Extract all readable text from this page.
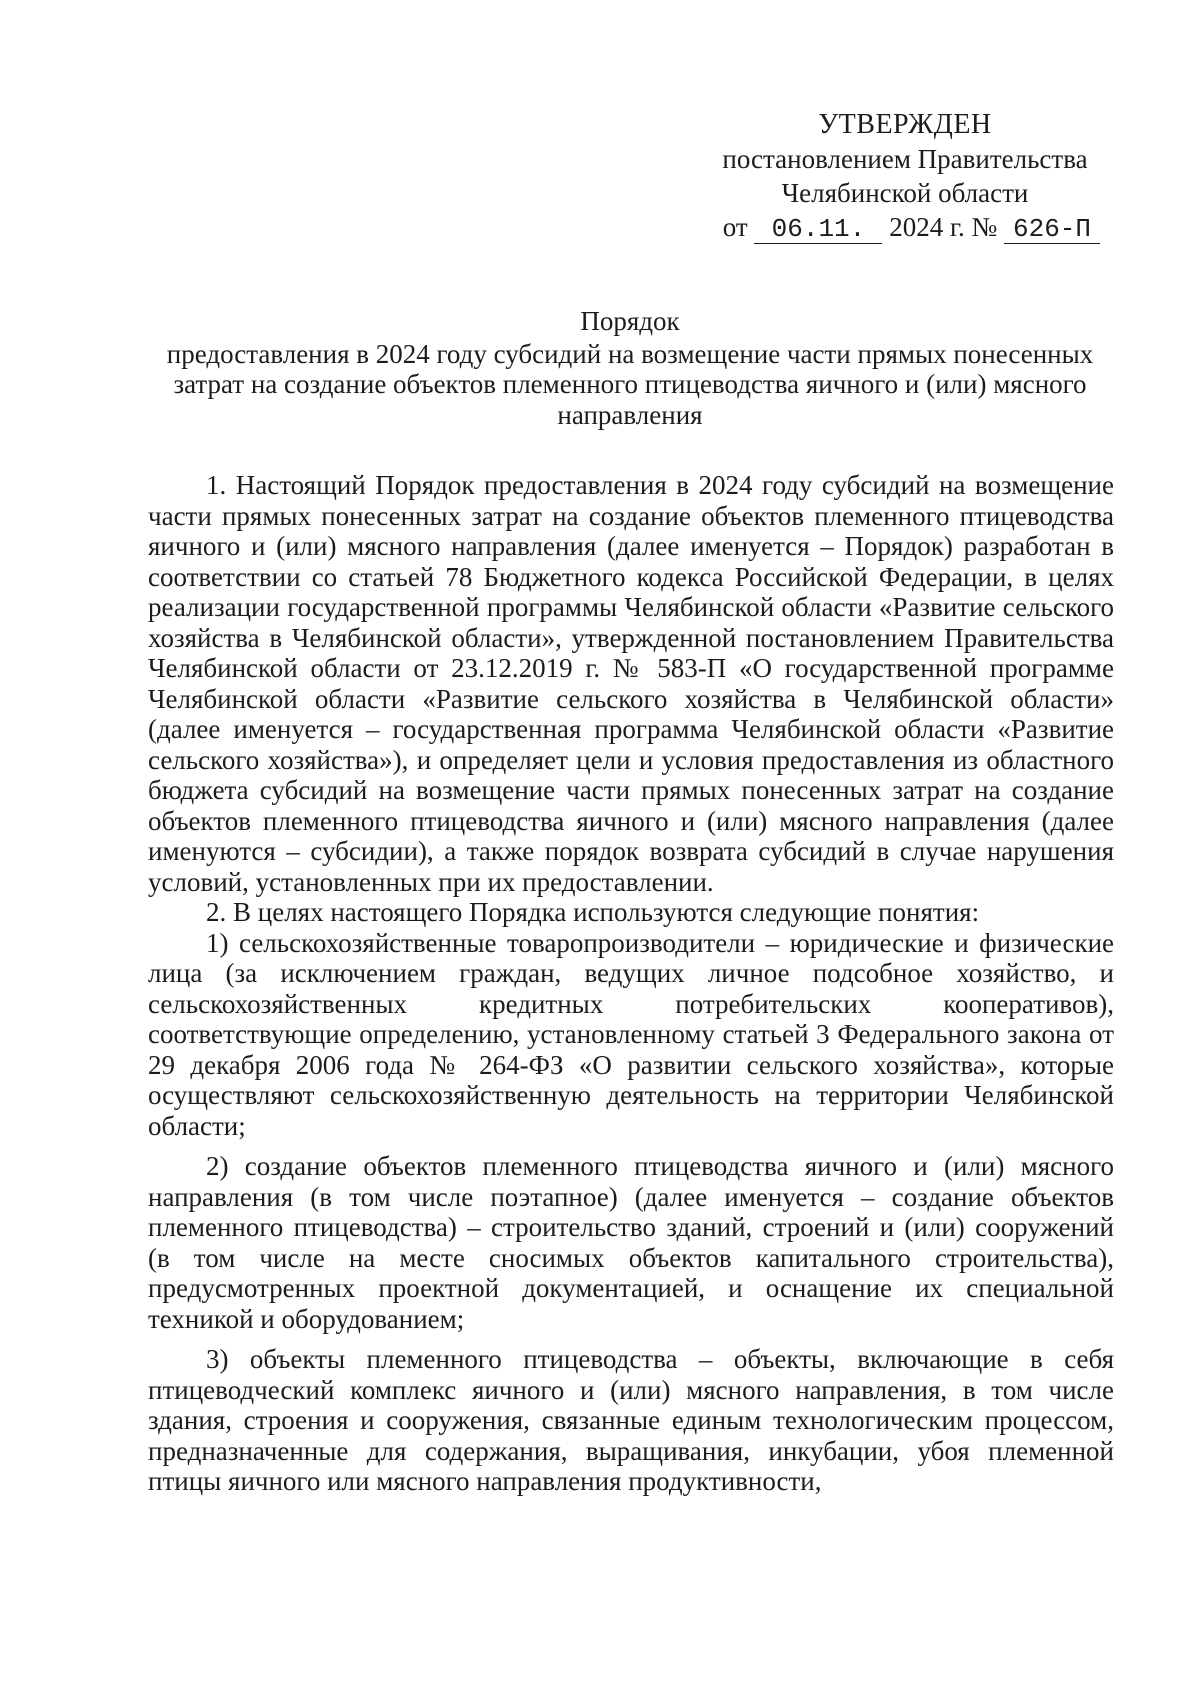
УТВЕРЖДЕН
постановлением Правительства
Челябинской области
от 06.11. 2024 г. № 626-П
Порядок
предоставления в 2024 году субсидий на возмещение части прямых понесенных затрат на создание объектов племенного птицеводства яичного и (или) мясного направления

1. Настоящий Порядок предоставления в 2024 году субсидий на возмещение части прямых понесенных затрат на создание объектов племенного птицеводства яичного и (или) мясного направления (далее именуется – Порядок) разработан в соответствии со статьей 78 Бюджетного кодекса Российской Федерации, в целях реализации государственной программы Челябинской области «Развитие сельского хозяйства в Челябинской области», утвержденной постановлением Правительства Челябинской области от 23.12.2019 г. № 583-П «О государственной программе Челябинской области «Развитие сельского хозяйства в Челябинской области» (далее именуется – государственная программа Челябинской области «Развитие сельского хозяйства»), и определяет цели и условия предоставления из областного бюджета субсидий на возмещение части прямых понесенных затрат на создание объектов племенного птицеводства яичного и (или) мясного направления (далее именуются – субсидии), а также порядок возврата субсидий в случае нарушения условий, установленных при их предоставлении.

2. В целях настоящего Порядка используются следующие понятия:

1) сельскохозяйственные товаропроизводители – юридические и физические лица (за исключением граждан, ведущих личное подсобное хозяйство, и сельскохозяйственных кредитных потребительских кооперативов), соответствующие определению, установленному статьей 3 Федерального закона от 29 декабря 2006 года № 264-ФЗ «О развитии сельского хозяйства», которые осуществляют сельскохозяйственную деятельность на территории Челябинской области;

2) создание объектов племенного птицеводства яичного и (или) мясного направления (в том числе поэтапное) (далее именуется – создание объектов племенного птицеводства) – строительство зданий, строений и (или) сооружений (в том числе на месте сносимых объектов капитального строительства), предусмотренных проектной документацией, и оснащение их специальной техникой и оборудованием;

3) объекты племенного птицеводства – объекты, включающие в себя птицеводческий комплекс яичного и (или) мясного направления, в том числе здания, строения и сооружения, связанные единым технологическим процессом, предназначенные для содержания, выращивания, инкубации, убоя племенной птицы яичного или мясного направления продуктивности,
